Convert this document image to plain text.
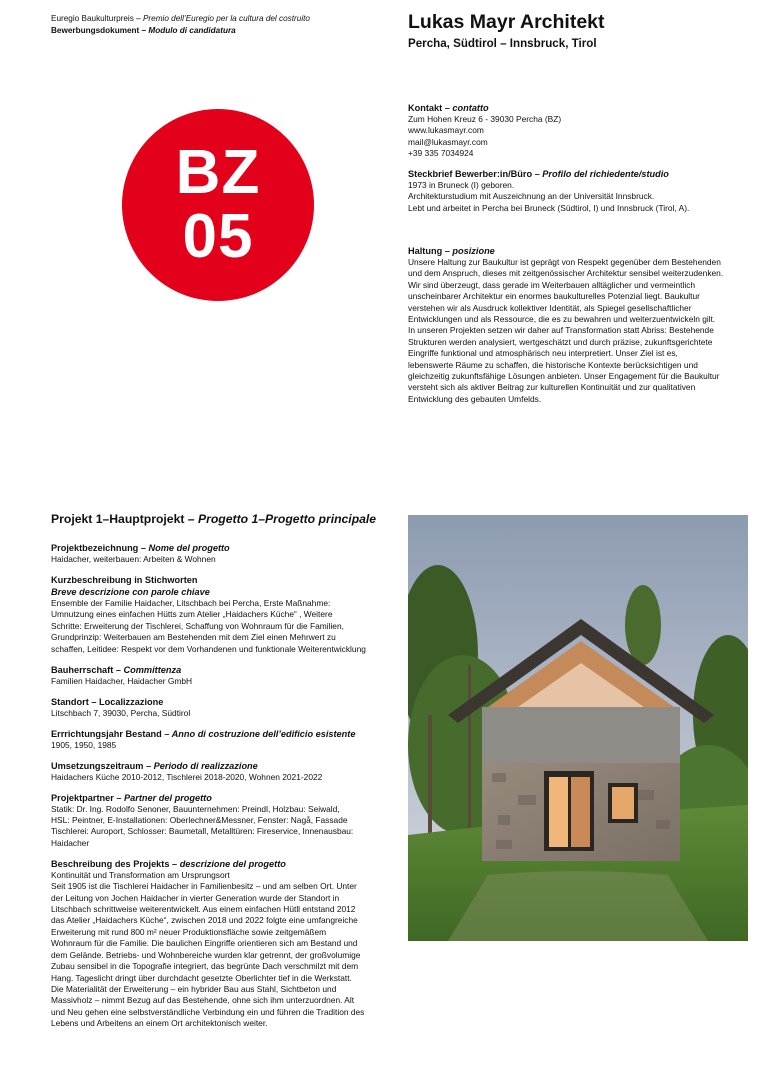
Euregio Baukulturpreis – Premio dell’Euregio per la cultura del costruito
Bewerbungsdokument – Modulo di candidatura	Lukas Mayr Architekt
Percha, Südtirol – Innsbruck, Tirol
BZ
05
Kontakt – contatto
Zum Hohen Kreuz 6 - 39030 Percha (BZ)
www.lukasmayr.com
mail@lukasmayr.com
+39 335 7034924
Steckbrief Bewerber:in/Büro – Profilo del richiedente/studio
1973 in Bruneck (I) geboren.
Architekturstudium mit Auszeichnung an der Universität Innsbruck.
Lebt und arbeitet in Percha bei Bruneck (Südtirol, I) und Innsbruck (Tirol, A).
Haltung – posizione
Unsere Haltung zur Baukultur ist geprägt von Respekt gegenüber dem Bestehenden
und dem Anspruch, dieses mit zeitgenössischer Architektur sensibel weiterzudenken.
Wir sind überzeugt, dass gerade im Weiterbauen alltäglicher und vermeintlich
unscheinbarer Architektur ein enormes baukulturelles Potenzial liegt. Baukultur
verstehen wir als Ausdruck kollektiver Identität, als Spiegel gesellschaftlicher
Entwicklungen und als Ressource, die es zu bewahren und weiterzuentwickeln gilt.
In unseren Projekten setzen wir daher auf Transformation statt Abriss: Bestehende
Strukturen werden analysiert, wertgeschätzt und durch präzise, zukunftsgerichtete
Eingriffe funktional und atmosphärisch neu interpretiert. Unser Ziel ist es,
lebenswerte Räume zu schaffen, die historische Kontexte berücksichtigen und
gleichzeitig zukunftsfähige Lösungen anbieten. Unser Engagement für die Baukultur
versteht sich als aktiver Beitrag zur kulturellen Kontinuität und zur qualitativen
Entwicklung des gebauten Umfelds.
Projekt 1–Hauptprojekt – Progetto 1–Progetto principale
Projektbezeichnung – Nome del progetto
Haidacher, weiterbauen: Arbeiten & Wohnen
Kurzbeschreibung in Stichworten
Breve descrizione con parole chiave
Ensemble der Familie Haidacher, Litschbach bei Percha, Erste Maßnahme:
Umnutzung eines einfachen Hütts zum Atelier „Haidachers Küche“ , Weitere
Schritte: Erweiterung der Tischlerei, Schaffung von Wohnraum für die Familien,
Grundprinzip: Weiterbauen am Bestehenden mit dem Ziel einen Mehrwert zu
schaffen, Leitidee: Respekt vor dem Vorhandenen und funktionale Weiterentwicklung
Bauherrschaft – Committenza
Familien Haidacher, Haidacher GmbH
Standort – Localizzazione
Litschbach 7, 39030, Percha, Südtirol
Errrichtungsjahr Bestand – Anno di costruzione dell’edificio esistente
1905, 1950, 1985
Umsetzungszeitraum – Periodo di realizzazione
Haidachers Küche 2010-2012, Tischlerei 2018-2020, Wohnen 2021-2022
Projektpartner – Partner del progetto
Statik: Dr. Ing. Rodolfo Senoner, Bauunternehmen: Preindl, Holzbau: Seiwald,
HSL: Peintner, E-Installationen: Oberlechner&Messner, Fenster: Nagå, Fassade
Tischlerei: Auroport, Schlosser: Baumetall, Metalltüren: Fireservice, Innenausbau:
Haidacher
Beschreibung des Projekts – descrizione del progetto
Kontinuität und Transformation am Ursprungsort
Seit 1905 ist die Tischlerei Haidacher in Familienbesitz – und am selben Ort. Unter
der Leitung von Jochen Haidacher in vierter Generation wurde der Standort in
Litschbach schrittweise weiterentwickelt. Aus einem einfachen Hütll entstand 2012
das Atelier „Haidachers Küche“, zwischen 2018 und 2022 folgte eine umfangreiche
Erweiterung mit rund 800 m² neuer Produktionsfläche sowie zeitgemäßem
Wohnraum für die Familie. Die baulichen Eingriffe orientieren sich am Bestand und
dem Gelände. Betriebs- und Wohnbereiche wurden klar getrennt, der großvolumige
Zubau sensibel in die Topografie integriert, das begrünte Dach verschmilzt mit dem
Hang. Tageslicht dringt über durchdacht gesetzte Oberlichter tief in die Werkstatt.
Die Materialität der Erweiterung – ein hybrider Bau aus Stahl, Sichtbeton und
Massivholz – nimmt Bezug auf das Bestehende, ohne sich ihm unterzuordnen. Alt
und Neu gehen eine selbstverständliche Verbindung ein und führen die Tradition des
Lebens und Arbeitens an einem Ort architektonisch weiter.
